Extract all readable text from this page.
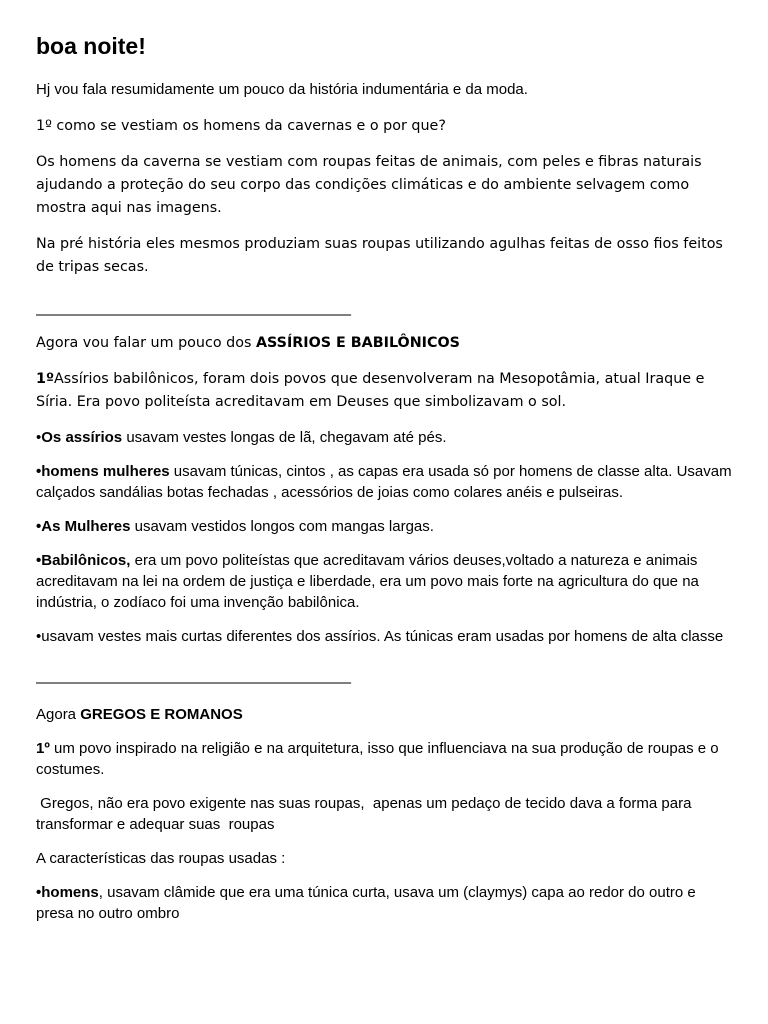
boa noite!

Hj vou fala resumidamente um pouco da história indumentária e da moda.

1º como se vestiam os homens da cavernas e o por que?

Os homens da caverna se vestiam com roupas feitas de animais, com peles e fibras naturais ajudando a proteção do seu corpo das condições climáticas e do ambiente selvagem como mostra aqui nas imagens.

Na pré história eles mesmos produziam suas roupas utilizando agulhas feitas de osso fios feitos de tripas secas.

_____________________________________________

Agora vou falar um pouco dos ASSÍRIOS E BABILÔNICOS

1ºAssírios babilônicos, foram dois povos que desenvolveram na Mesopotâmia, atual Iraque e Síria. Era povo politeísta acreditavam em Deuses que simbolizavam o sol.

•Os assírios usavam vestes longas de lã, chegavam até pés.

•homens mulheres usavam túnicas, cintos , as capas era usada só por homens de classe alta. Usavam calçados sandálias botas fechadas , acessórios de joias como colares anéis e pulseiras.

•As Mulheres usavam vestidos longos com mangas largas.

•Babilônicos, era um povo politeístas que acreditavam vários deuses,voltado a natureza e animais acreditavam na lei na ordem de justiça e liberdade, era um povo mais forte na agricultura do que na indústria, o zodíaco foi uma invenção babilônica.

•usavam vestes mais curtas diferentes dos assírios. As túnicas eram usadas por homens de alta classe

_____________________________________________

Agora GREGOS E ROMANOS

1º um povo inspirado na religião e na arquitetura, isso que influenciava na sua produção de roupas e o costumes.

Gregos, não era povo exigente nas suas roupas,  apenas um pedaço de tecido dava a forma para transformar e adequar suas  roupas

A características das roupas usadas :

•homens, usavam clâmide que era uma túnica curta, usava um (claymys) capa ao redor do outro e presa no outro ombro
